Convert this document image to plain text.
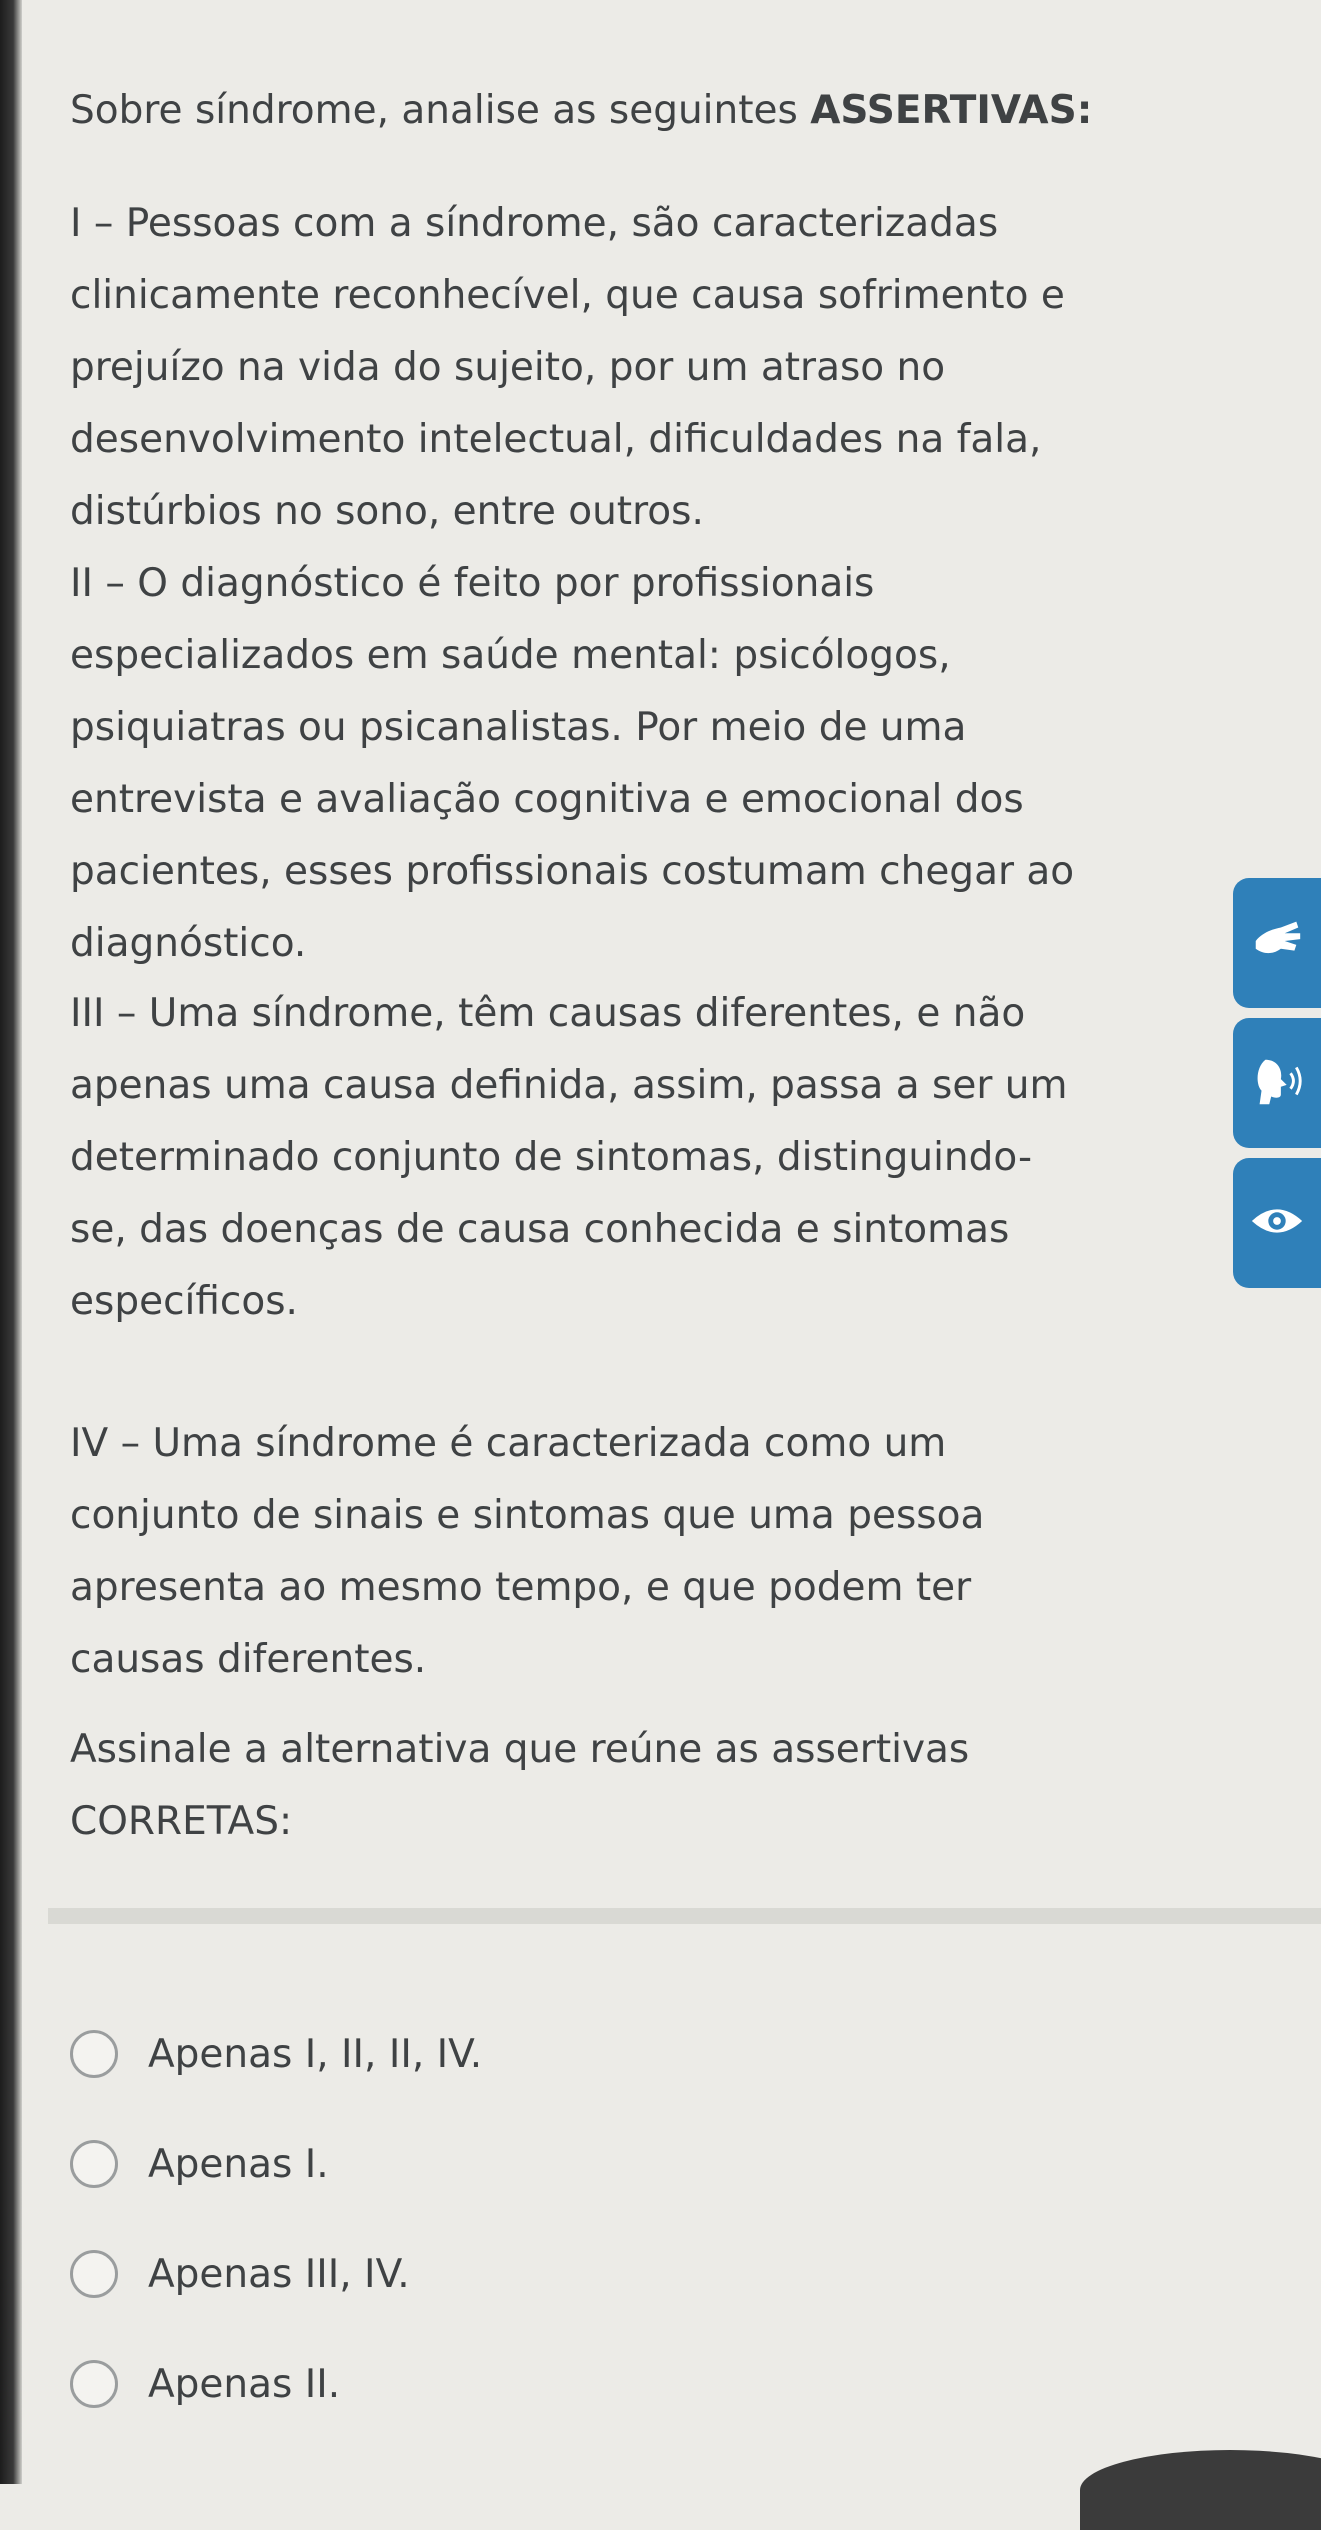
Sobre síndrome, analise as seguintes ASSERTIVAS:
I – Pessoas com a síndrome, são caracterizadas
clinicamente reconhecível, que causa sofrimento e
prejuízo na vida do sujeito, por um atraso no
desenvolvimento intelectual, dificuldades na fala,
distúrbios no sono, entre outros.
II – O diagnóstico é feito por profissionais
especializados em saúde mental: psicólogos,
psiquiatras ou psicanalistas. Por meio de uma
entrevista e avaliação cognitiva e emocional dos
pacientes, esses profissionais costumam chegar ao
diagnóstico.
III – Uma síndrome, têm causas diferentes, e não
apenas uma causa definida, assim, passa a ser um
determinado conjunto de sintomas, distinguindo-
se, das doenças de causa conhecida e sintomas
específicos.
IV – Uma síndrome é caracterizada como um
conjunto de sinais e sintomas que uma pessoa
apresenta ao mesmo tempo, e que podem ter
causas diferentes.
Assinale a alternativa que reúne as assertivas
CORRETAS:
Apenas I, II, II, IV.
Apenas I.
Apenas III, IV.
Apenas II.
